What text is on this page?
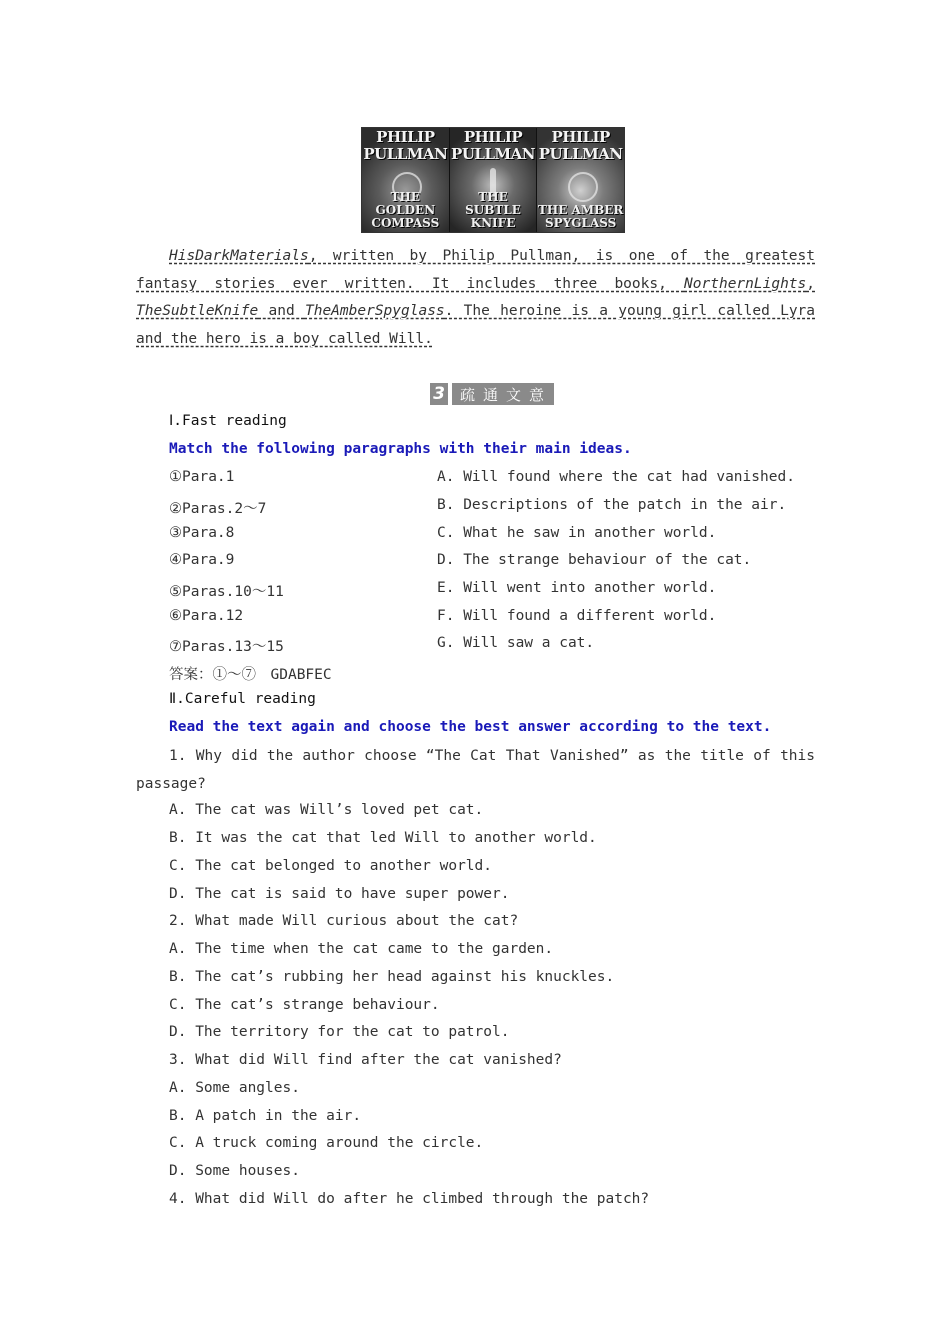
PHILIP PULLMAN
THE GOLDEN COMPASS
PHILIP PULLMAN
THE SUBTLE KNIFE
PHILIP PULLMAN
THE AMBER SPYGLASS
HisDarkMaterials, written by Philip Pullman, is one of the greatest fantasy stories ever written. It includes three books, NorthernLights, TheSubtleKnife and TheAmberSpyglass. The heroine is a young girl called Lyra and the hero is a boy called Will.
3	疏通文意
Ⅰ.Fast reading
Match the following paragraphs with their main ideas.
①Para.1	A. Will found where the cat had vanished.
②Paras.2～7	B. Descriptions of the patch in the air.
③Para.8	C. What he saw in another world.
④Para.9	D. The strange behaviour of the cat.
⑤Paras.10～11	E. Will went into another world.
⑥Para.12	F. Will found a different world.
⑦Paras.13～15	G. Will saw a cat.
答案：①～⑦　GDABFEC
Ⅱ.Careful reading
Read the text again and choose the best answer according to the text.
1. Why did the author choose “The Cat That Vanished” as the title of this passage?
A. The cat was Will’s loved pet cat.
B. It was the cat that led Will to another world.
C. The cat belonged to another world.
D. The cat is said to have super power.
2. What made Will curious about the cat?
A. The time when the cat came to the garden.
B. The cat’s rubbing her head against his knuckles.
C. The cat’s strange behaviour.
D. The territory for the cat to patrol.
3. What did Will find after the cat vanished?
A. Some angles.
B. A patch in the air.
C. A truck coming around the circle.
D. Some houses.
4. What did Will do after he climbed through the patch?
